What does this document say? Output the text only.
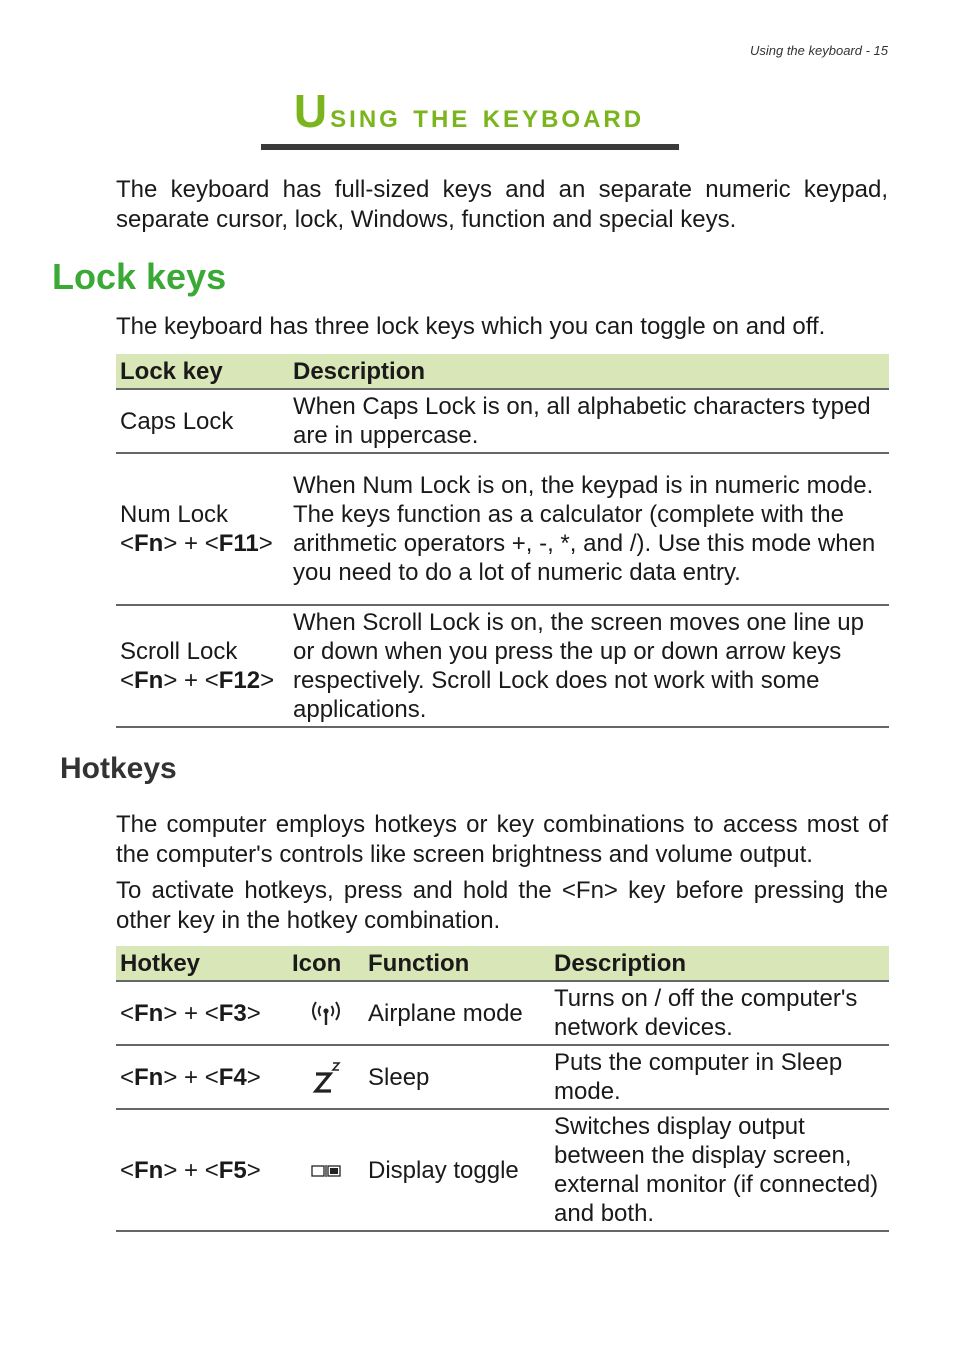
Using the keyboard - 15
Using the keyboard

The keyboard has full-sized keys and an separate numeric keypad, separate cursor, lock, Windows, function and special keys.

Lock keys

The keyboard has three lock keys which you can toggle on and off.

Lock key	Description
Caps Lock	When Caps Lock is on, all alphabetic characters typed are in uppercase.
Num Lock
<Fn> + <F11>	When Num Lock is on, the keypad is in numeric mode. The keys function as a calculator (complete with the arithmetic operators +, -, *, and /). Use this mode when you need to do a lot of numeric data entry.
Scroll Lock
<Fn> + <F12>	When Scroll Lock is on, the screen moves one line up or down when you press the up or down arrow keys respectively. Scroll Lock does not work with some applications.
Hotkeys

The computer employs hotkeys or key combinations to access most of the computer's controls like screen brightness and volume output.

To activate hotkeys, press and hold the <Fn> key before pressing the other key in the hotkey combination.

Hotkey	Icon	Function	Description
<Fn> + <F3>		Airplane mode	Turns on / off the computer's network devices.
<Fn> + <F4>		Sleep	Puts the computer in Sleep mode.
<Fn> + <F5>		Display toggle	Switches display output between the display screen, external monitor (if connected) and both.
